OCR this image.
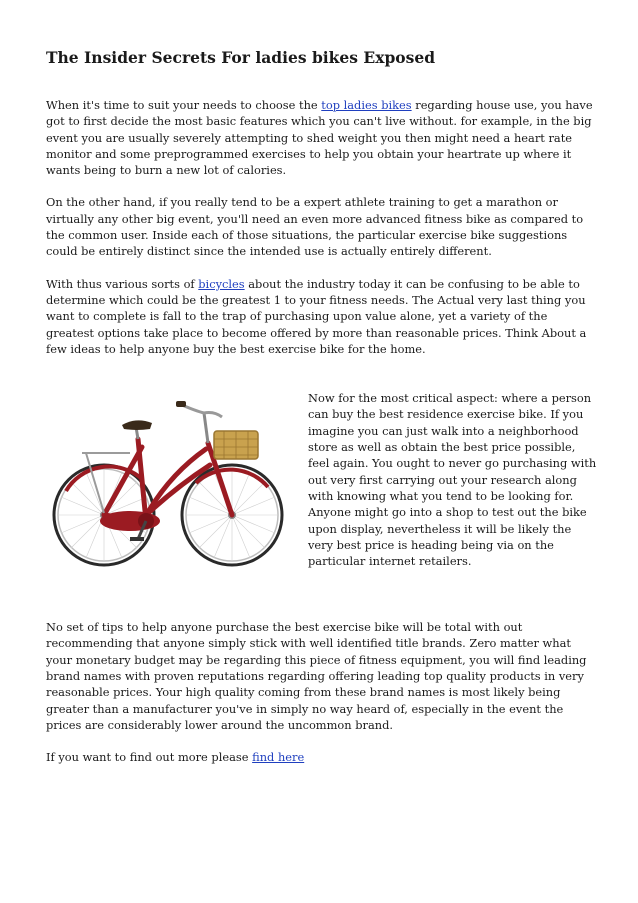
The Insider Secrets For ladies bikes Exposed

When it's time to suit your needs to choose the top ladies bikes regarding house use, you have got to first decide the most basic features which you can't live without. for example, in the big event you are usually severely attempting to shed weight you then might need a heart rate monitor and some preprogrammed exercises to help you obtain your heartrate up where it wants being to burn a new lot of calories.

On the other hand, if you really tend to be a expert athlete training to get a marathon or virtually any other big event, you'll need an even more advanced fitness bike as compared to the common user. Inside each of those situations, the particular exercise bike suggestions could be entirely distinct since the intended use is actually entirely different.

With thus various sorts of bicycles about the industry today it can be confusing to be able to determine which could be the greatest 1 to your fitness needs. The Actual very last thing you want to complete is fall to the trap of purchasing upon value alone, yet a variety of the greatest options take place to become offered by more than reasonable prices. Think About a few ideas to help anyone buy the best exercise bike for the home.

Now for the most critical aspect: where a person can buy the best residence exercise bike. If you imagine you can just walk into a neighborhood store as well as obtain the best price possible, feel again. You ought to never go purchasing with out very first carrying out your research along with knowing what you tend to be looking for. Anyone might go into a shop to test out the bike upon display, nevertheless it will be likely the very best price is heading being via on the particular internet retailers.

No set of tips to help anyone purchase the best exercise bike will be total with out recommending that anyone simply stick with well identified title brands. Zero matter what your monetary budget may be regarding this piece of fitness equipment, you will find leading brand names with proven reputations regarding offering leading top quality products in very reasonable prices. Your high quality coming from these brand names is most likely being greater than a manufacturer you've in simply no way heard of, especially in the event the prices are considerably lower around the uncommon brand.

If you want to find out more please find here
